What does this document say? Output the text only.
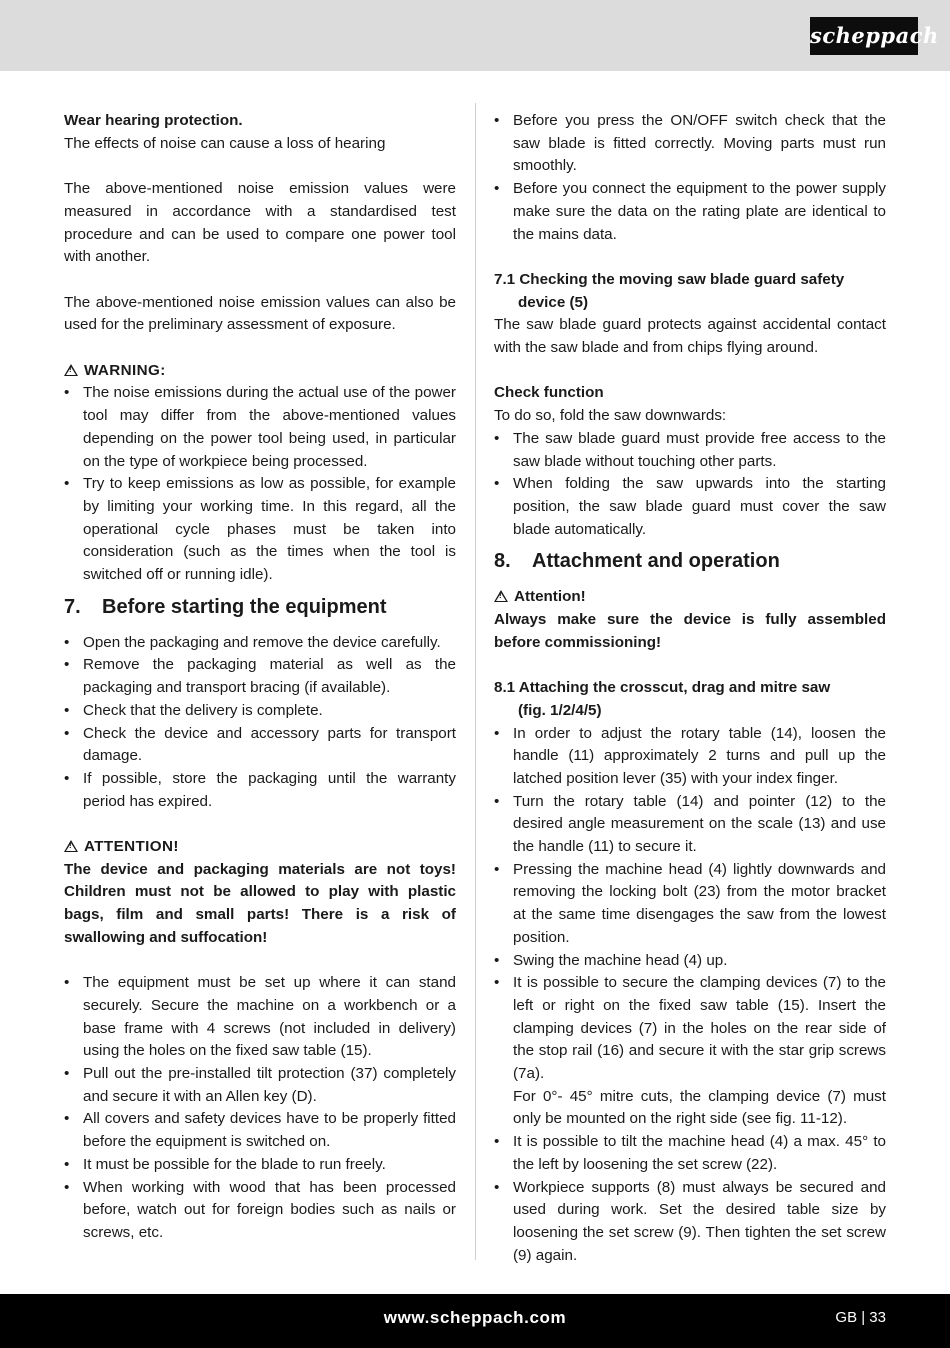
scheppach

Wear hearing protection.

The effects of noise can cause a loss of hearing

The above-mentioned noise emission values were measured in accordance with a standardised test procedure and can be used to compare one power tool with another.

The above-mentioned noise emission values can also be used for the preliminary assessment of exposure.

!WARNING:

• The noise emissions during the actual use of the power tool may differ from the above-mentioned values depending on the power tool being used, in particular on the type of workpiece being processed.
• Try to keep emissions as low as possible, for example by limiting your working time. In this regard, all the operational cycle phases must be taken into consideration (such as the times when the tool is switched off or running idle).
7. Before starting the equipment
• Open the packaging and remove the device carefully.
• Remove the packaging material as well as the packaging and transport bracing (if available).
• Check that the delivery is complete.
• Check the device and accessory parts for transport damage.
• If possible, store the packaging until the warranty period has expired.

!ATTENTION!

The device and packaging materials are not toys! Children must not be allowed to play with plastic bags, film and small parts! There is a risk of swallowing and suffocation!

• The equipment must be set up where it can stand securely. Secure the machine on a workbench or a base frame with 4 screws (not included in delivery) using the holes on the fixed saw table (15).
• Pull out the pre-installed tilt protection (37) completely and secure it with an Allen key (D).
• All covers and safety devices have to be properly fitted before the equipment is switched on.
• It must be possible for the blade to run freely.
• When working with wood that has been processed before, watch out for foreign bodies such as nails or screws, etc.
• Before you press the ON/OFF switch check that the saw blade is fitted correctly. Moving parts must run smoothly.
• Before you connect the equipment to the power supply make sure the data on the rating plate are identical to the mains data.

7.1 Checking the moving saw blade guard safety

device (5)

The saw blade guard protects against accidental contact with the saw blade and from chips flying around.

Check function

To do so, fold the saw downwards:

• The saw blade guard must provide free access to the saw blade without touching other parts.
• When folding the saw upwards into the starting position, the saw blade guard must cover the saw blade automatically.
8. Attachment and operation

!Attention!

Always make sure the device is fully assembled before commissioning!

8.1 Attaching the crosscut, drag and mitre saw

(fig. 1/2/4/5)

• In order to adjust the rotary table (14), loosen the handle (11) approximately 2 turns and pull up the latched position lever (35) with your index finger.
• Turn the rotary table (14) and pointer (12) to the desired angle measurement on the scale (13) and use the handle (11) to secure it.
• Pressing the machine head (4) lightly downwards and removing the locking bolt (23) from the motor bracket at the same time disengages the saw from the lowest position.
• Swing the machine head (4) up.
• It is possible to secure the clamping devices (7) to the left or right on the fixed saw table (15). Insert the clamping devices (7) in the holes on the rear side of the stop rail (16) and secure it with the star grip screws (7a).

For 0°- 45° mitre cuts, the clamping device (7) must only be mounted on the right side (see fig. 11-12).

• It is possible to tilt the machine head (4) a max. 45° to the left by loosening the set screw (22).
• Workpiece supports (8) must always be secured and used during work. Set the desired table size by loosening the set screw (9). Then tighten the set screw (9) again.
www.scheppach.com	GB | 33
